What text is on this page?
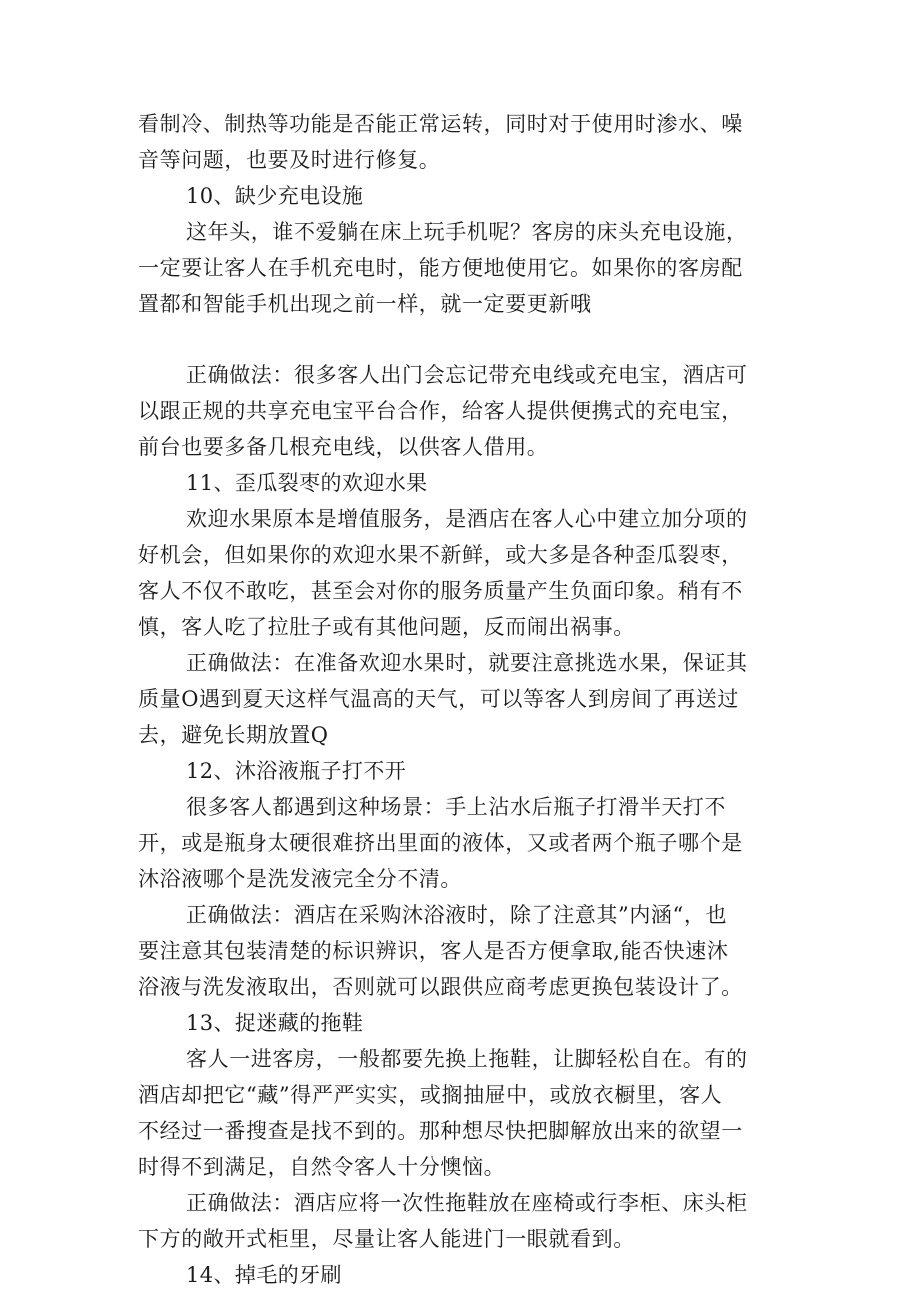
看制冷、制热等功能是否能正常运转，同时对于使用时渗水、噪
音等问题，也要及时进行修复。
10、缺少充电设施
这年头，谁不爱躺在床上玩手机呢？客房的床头充电设施，
一定要让客人在手机充电时，能方便地使用它。如果你的客房配
置都和智能手机出现之前一样，就一定要更新哦
正确做法：很多客人出门会忘记带充电线或充电宝，酒店可
以跟正规的共享充电宝平台合作，给客人提供便携式的充电宝，
前台也要多备几根充电线，以供客人借用。
11、歪瓜裂枣的欢迎水果
欢迎水果原本是增值服务，是酒店在客人心中建立加分项的
好机会，但如果你的欢迎水果不新鲜，或大多是各种歪瓜裂枣，
客人不仅不敢吃，甚至会对你的服务质量产生负面印象。稍有不
慎，客人吃了拉肚子或有其他问题，反而闹出祸事。
正确做法：在准备欢迎水果时，就要注意挑选水果，保证其
质量O遇到夏天这样气温高的天气，可以等客人到房间了再送过
去，避免长期放置Q
12、沐浴液瓶子打不开
很多客人都遇到这种场景：手上沾水后瓶子打滑半天打不
开，或是瓶身太硬很难挤出里面的液体，又或者两个瓶子哪个是
沐浴液哪个是洗发液完全分不清。
正确做法：酒店在采购沐浴液时，除了注意其”内涵“，也
要注意其包装清楚的标识辨识，客人是否方便拿取,能否快速沐
浴液与洗发液取出，否则就可以跟供应商考虑更换包装设计了。
13、捉迷藏的拖鞋
客人一进客房，一般都要先换上拖鞋，让脚轻松自在。有的
酒店却把它“藏”得严严实实，或搁抽屉中，或放衣橱里，客人
不经过一番搜查是找不到的。那种想尽快把脚解放出来的欲望一
时得不到满足，自然令客人十分懊恼。
正确做法：酒店应将一次性拖鞋放在座椅或行李柜、床头柜
下方的敞开式柜里，尽量让客人能进门一眼就看到。
14、掉毛的牙刷
